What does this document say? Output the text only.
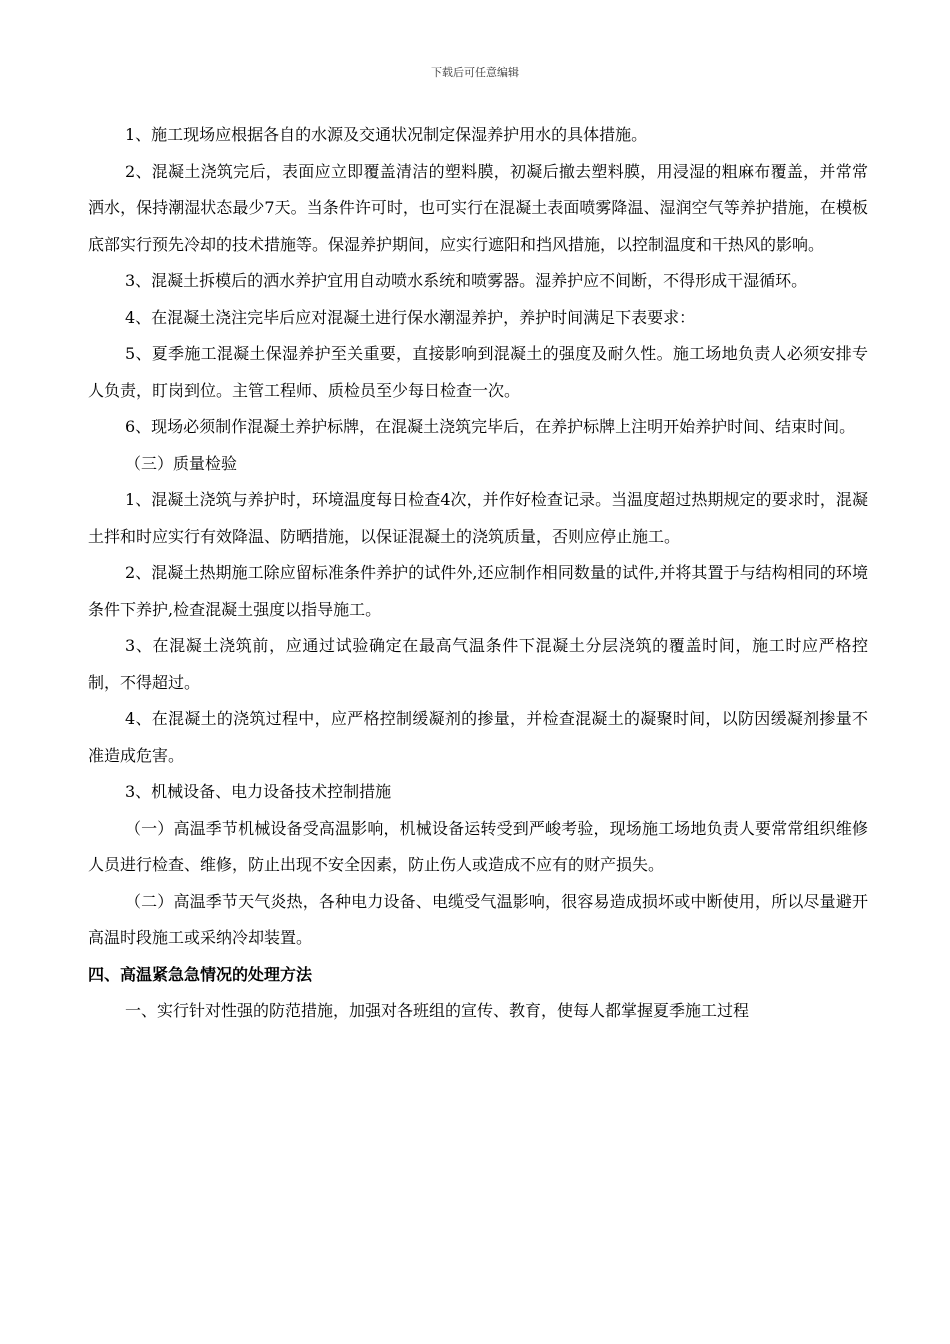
下载后可任意编辑

1、施工现场应根据各自的水源及交通状况制定保湿养护用水的具体措施。

2、混凝土浇筑完后，表面应立即覆盖清洁的塑料膜，初凝后撤去塑料膜，用浸湿的粗麻布覆盖，并常常洒水，保持潮湿状态最少7天。当条件许可时，也可实行在混凝土表面喷雾降温、湿润空气等养护措施，在模板底部实行预先冷却的技术措施等。保湿养护期间，应实行遮阳和挡风措施，以控制温度和干热风的影响。

3、混凝土拆模后的洒水养护宜用自动喷水系统和喷雾器。湿养护应不间断，不得形成干湿循环。

4、在混凝土浇注完毕后应对混凝土进行保水潮湿养护，养护时间满足下表要求：

5、夏季施工混凝土保湿养护至关重要，直接影响到混凝土的强度及耐久性。施工场地负责人必须安排专人负责，盯岗到位。主管工程师、质检员至少每日检查一次。

6、现场必须制作混凝土养护标牌，在混凝土浇筑完毕后，在养护标牌上注明开始养护时间、结束时间。

（三）质量检验

1、混凝土浇筑与养护时，环境温度每日检查4次，并作好检查记录。当温度超过热期规定的要求时，混凝土拌和时应实行有效降温、防晒措施，以保证混凝土的浇筑质量，否则应停止施工。

2、混凝土热期施工除应留标准条件养护的试件外,还应制作相同数量的试件,并将其置于与结构相同的环境条件下养护,检查混凝土强度以指导施工。

3、在混凝土浇筑前，应通过试验确定在最高气温条件下混凝土分层浇筑的覆盖时间，施工时应严格控制，不得超过。

4、在混凝土的浇筑过程中，应严格控制缓凝剂的掺量，并检查混凝土的凝聚时间，以防因缓凝剂掺量不准造成危害。

3、机械设备、电力设备技术控制措施

（一）高温季节机械设备受高温影响，机械设备运转受到严峻考验，现场施工场地负责人要常常组织维修人员进行检查、维修，防止出现不安全因素，防止伤人或造成不应有的财产损失。

（二）高温季节天气炎热，各种电力设备、电缆受气温影响，很容易造成损坏或中断使用，所以尽量避开高温时段施工或采纳冷却装置。

四、高温紧急急情况的处理方法

一、实行针对性强的防范措施，加强对各班组的宣传、教育，使每人都掌握夏季施工过程
